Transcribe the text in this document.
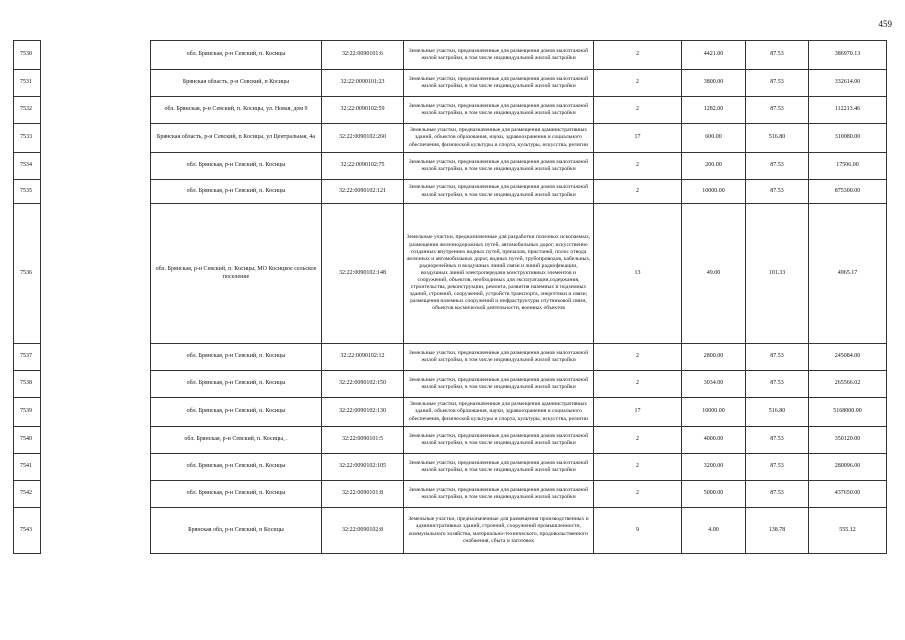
459
7530		обл. Брянская, р-н Севский, п. Косицы	32:22:0090101:6	Земельные участки, предназначенные для размещения домов малоэтажной жилой застройки, в том числе индивидуальной жилой застройки	2	4421.00	87.53	386970.13
7531		Брянская область, р-н Севский, п Косицы	32:22:0090101:23	Земельные участки, предназначенные для размещения домов малоэтажной жилой застройки, в том числе индивидуальной жилой застройки	2	3800.00	87.53	332614.00
7532		обл. Брянская, р-н Севский, п. Косицы, ул. Новая, дом 9	32:22:0090102:59	Земельные участки, предназначенные для размещения домов малоэтажной жилой застройки, в том числе индивидуальной жилой застройки	2	1282.00	87.53	112213.46
7533		Брянская область, р-н Севский, п Косицы, ул Центральная, 4а	32:22:0090102:260	Земельные участки, предназначенные для размещения административных зданий, объектов образования, науки, здравоохранения и социального обеспечения, физической культуры и спорта, культуры, искусства, религии	17	600.00	516.80	310080.00
7534		обл. Брянская, р-н Севский, п. Косицы	32:22:0090102:75	Земельные участки, предназначенные для размещения домов малоэтажной жилой застройки, в том числе индивидуальной жилой застройки	2	200.00	87.53	17506.00
7535		обл. Брянская, р-н Севский, п. Косицы	32:22:0090102:121	Земельные участки, предназначенные для размещения домов малоэтажной жилой застройки, в том числе индивидуальной жилой застройки	2	10000.00	87.53	875300.00
7536		обл. Брянская, р-н Севский, п. Косицы, МО Косицкое сельское поселение	32:22:0090102:148	Земельные участки, предназначенные для разработки полезных ископаемых, размещения железнодорожных путей, автомобильных дорог, искусственно созданных внутренних водных путей, причалов, пристаней, полос отвода железных и автомобильных дорог, водных путей, трубопроводов, кабельных, радиорелейных и воздушных линий связи и линий радиофикации, воздушных линий электропередачи конструктивных элементов и сооружений, объектов, необходимых для эксплуатации,содержания, строительства, реконструкции, ремонта, развития наземных и подземных зданий, строений, сооружений, устройств транспорта, энергетики и связи; размещения наземных сооружений и инфраструктуры спутниковой связи, объектов космической деятельности, военных объектов	13	49.00	101.33	4965.17
7537		обл. Брянская, р-н Севский, п. Косицы	32:22:0090102:12	Земельные участки, предназначенные для размещения домов малоэтажной жилой застройки, в том числе индивидуальной жилой застройки	2	2800.00	87.53	245084.00
7538		обл. Брянская, р-н Севский, п. Косицы	32:22:0090102:150	Земельные участки, предназначенные для размещения домов малоэтажной жилой застройки, в том числе индивидуальной жилой застройки	2	3034.00	87.53	265566.02
7539		обл. Брянская, р-н Севский, п. Косицы	32:22:0090102:130	Земельные участки, предназначенные для размещения административных зданий, объектов образования, науки, здравоохранения и социального обеспечения, физической культуры и спорта, культуры, искусства, религии	17	10000.00	516.80	5168000.00
7540		обл. Брянская, р-н Севский, п. Косицы, .	32:22:0090101:5	Земельные участки, предназначенные для размещения домов малоэтажной жилой застройки, в том числе индивидуальной жилой застройки	2	4000.00	87.53	350120.00
7541		обл. Брянская, р-н Севский, п. Косицы	32:22:0090102:105	Земельные участки, предназначенные для размещения домов малоэтажной жилой застройки, в том числе индивидуальной жилой застройки	2	3200.00	87.53	280096.00
7542		обл. Брянская, р-н Севский, п. Косицы	32:22:0090101:8	Земельные участки, предназначенные для размещения домов малоэтажной жилой застройки, в том числе индивидуальной жилой застройки	2	5000.00	87.53	437650.00
7543		Брянская обл, р-н Севский, п Косицы	32:22:0090102:8	Земельные участки, предназначенные для размещения производственных и административных зданий, строений, сооружений промышленности, коммунального хозяйства, материально-технического, продовольственного снабжения, сбыта и заготовок	9	4.00	138.78	555.12
